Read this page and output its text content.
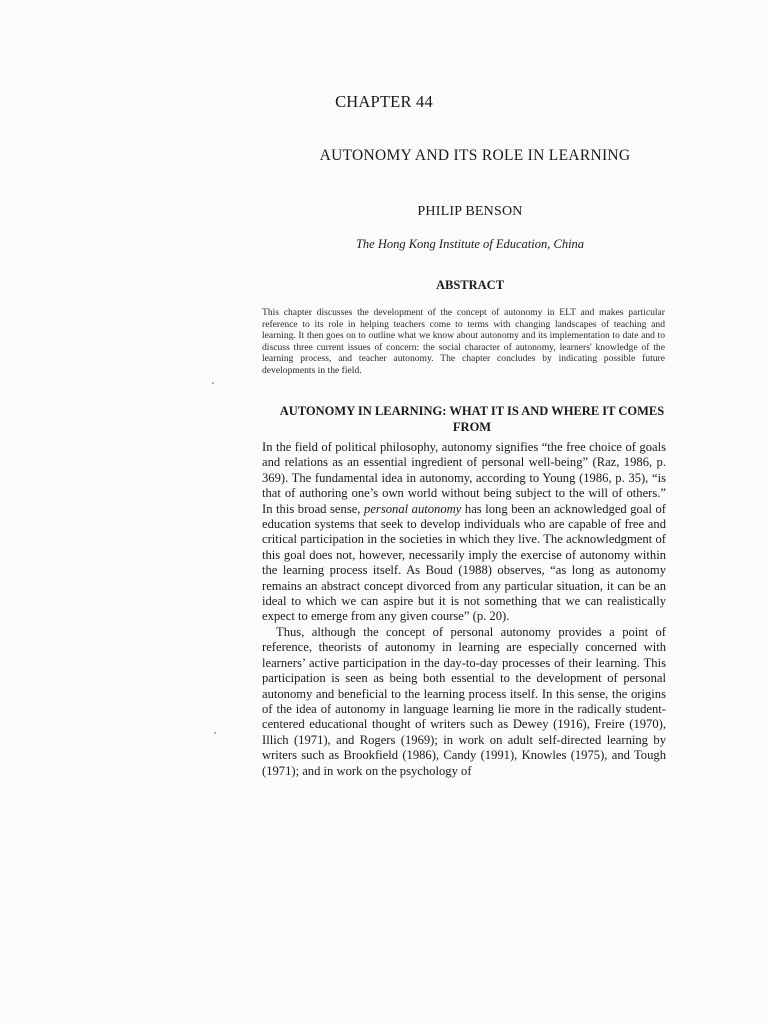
CHAPTER 44
AUTONOMY AND ITS ROLE IN LEARNING
PHILIP BENSON
The Hong Kong Institute of Education, China
ABSTRACT
This chapter discusses the development of the concept of autonomy in ELT and makes particular reference to its role in helping teachers come to terms with changing landscapes of teaching and learning. It then goes on to outline what we know about autonomy and its implementation to date and to discuss three current issues of concern: the social character of autonomy, learners' knowledge of the learning process, and teacher autonomy. The chapter concludes by indicating possible future developments in the field.
AUTONOMY IN LEARNING: WHAT IT IS AND WHERE IT COMES FROM

In the field of political philosophy, autonomy signifies “the free choice of goals and relations as an essential ingredient of personal well-being” (Raz, 1986, p. 369). The fundamental idea in autonomy, according to Young (1986, p. 35), “is that of authoring one’s own world without being subject to the will of others.” In this broad sense, personal autonomy has long been an acknowledged goal of education systems that seek to develop individuals who are capable of free and critical participation in the societies in which they live. The acknowledgment of this goal does not, however, necessarily imply the exercise of autonomy within the learning process itself. As Boud (1988) observes, “as long as autonomy remains an abstract concept divorced from any particular situation, it can be an ideal to which we can aspire but it is not something that we can realistically expect to emerge from any given course” (p. 20).

Thus, although the concept of personal autonomy provides a point of reference, theorists of autonomy in learning are especially concerned with learners’ active participation in the day-to-day processes of their learning. This participation is seen as being both essential to the development of personal autonomy and beneficial to the learning process itself. In this sense, the origins of the idea of autonomy in language learning lie more in the radically student-centered educational thought of writers such as Dewey (1916), Freire (1970), Illich (1971), and Rogers (1969); in work on adult self-directed learning by writers such as Brookfield (1986), Candy (1991), Knowles (1975), and Tough (1971); and in work on the psychology of
